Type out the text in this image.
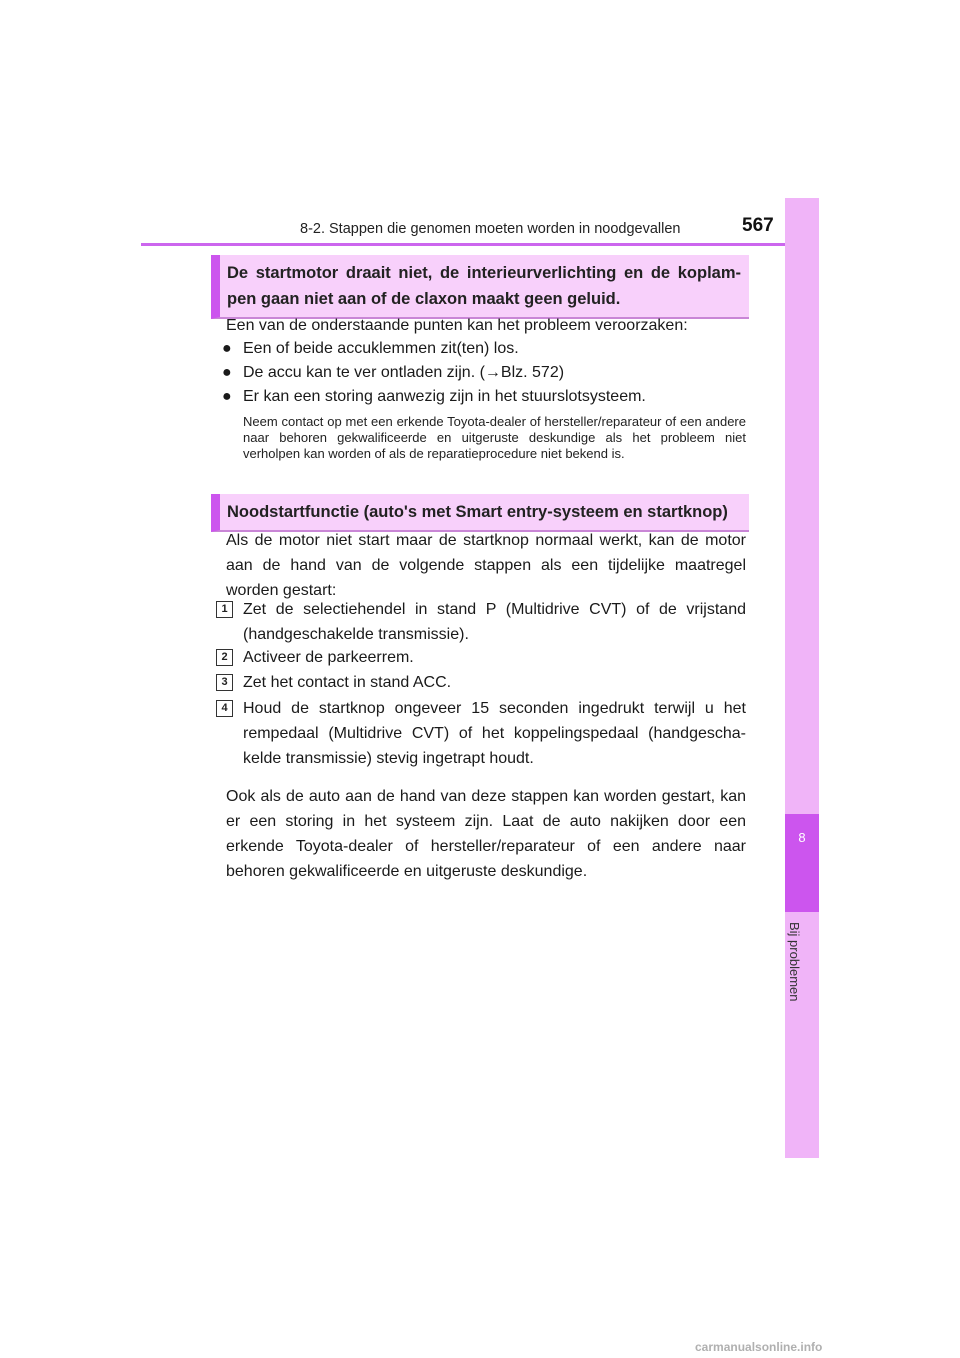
8-2. Stappen die genomen moeten worden in noodgevallen	567
8
Bij problemen
De startmotor draait niet, de interieurverlichting en de koplam-pen gaan niet aan of de claxon maakt geen geluid.
Een van de onderstaande punten kan het probleem veroorzaken:
● Een of beide accuklemmen zit(ten) los.
● De accu kan te ver ontladen zijn. (→Blz. 572)
● Er kan een storing aanwezig zijn in het stuurslotsysteem.
Neem contact op met een erkende Toyota-dealer of hersteller/reparateur of een andere naar behoren gekwalificeerde en uitgeruste deskundige als het probleem niet verholpen kan worden of als de reparatieprocedure niet bekend is.
Noodstartfunctie (auto's met Smart entry-systeem en startknop)
Als de motor niet start maar de startknop normaal werkt, kan de motor aan de hand van de volgende stappen als een tijdelijke maatregel worden gestart:
1 Zet de selectiehendel in stand P (Multidrive CVT) of de vrijstand (handgeschakelde transmissie).
2 Activeer de parkeerrem.
3 Zet het contact in stand ACC.
4 Houd de startknop ongeveer 15 seconden ingedrukt terwijl u het rempedaal (Multidrive CVT) of het koppelingspedaal (handgescha-kelde transmissie) stevig ingetrapt houdt.
Ook als de auto aan de hand van deze stappen kan worden gestart, kan er een storing in het systeem zijn. Laat de auto nakijken door een erkende Toyota-dealer of hersteller/reparateur of een andere naar behoren gekwalificeerde en uitgeruste deskundige.
carmanualsonline.info
